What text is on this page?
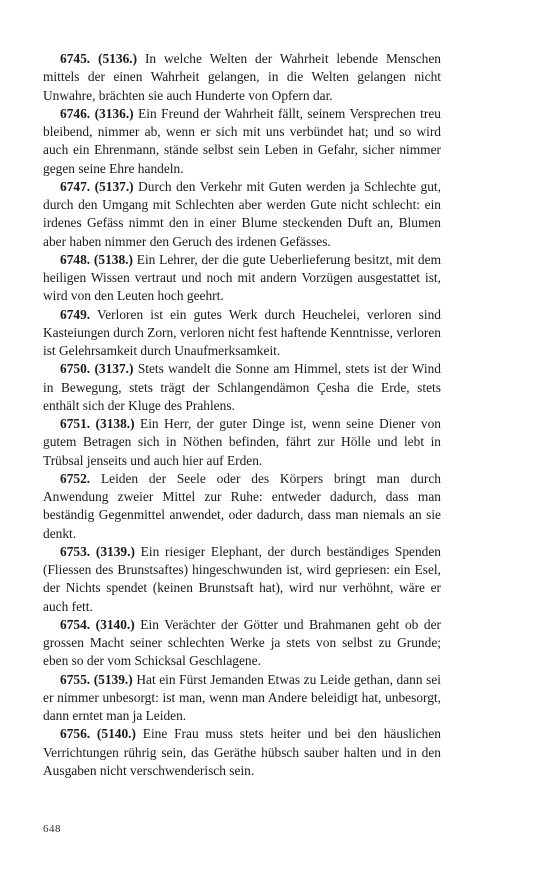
6745. (5136.) In welche Welten der Wahrheit lebende Menschen mittels der einen Wahrheit gelangen, in die Welten gelangen nicht Unwahre, brächten sie auch Hunderte von Opfern dar.

6746. (3136.) Ein Freund der Wahrheit fällt, seinem Versprechen treu bleibend, nimmer ab, wenn er sich mit uns verbündet hat; und so wird auch ein Ehrenmann, stände selbst sein Leben in Gefahr, sicher nimmer gegen seine Ehre handeln.

6747. (5137.) Durch den Verkehr mit Guten werden ja Schlechte gut, durch den Umgang mit Schlechten aber werden Gute nicht schlecht: ein irdenes Gefäss nimmt den in einer Blume steckenden Duft an, Blumen aber haben nimmer den Geruch des irdenen Gefässes.

6748. (5138.) Ein Lehrer, der die gute Ueberlieferung besitzt, mit dem heiligen Wissen vertraut und noch mit andern Vorzügen ausgestattet ist, wird von den Leuten hoch geehrt.

6749. Verloren ist ein gutes Werk durch Heuchelei, verloren sind Kasteiungen durch Zorn, verloren nicht fest haftende Kenntnisse, verloren ist Gelehrsamkeit durch Unaufmerksamkeit.

6750. (3137.) Stets wandelt die Sonne am Himmel, stets ist der Wind in Bewegung, stets trägt der Schlangendämon Çesha die Erde, stets enthält sich der Kluge des Prahlens.

6751. (3138.) Ein Herr, der guter Dinge ist, wenn seine Diener von gutem Betragen sich in Nöthen befinden, fährt zur Hölle und lebt in Trübsal jenseits und auch hier auf Erden.

6752. Leiden der Seele oder des Körpers bringt man durch Anwendung zweier Mittel zur Ruhe: entweder dadurch, dass man beständig Gegenmittel anwendet, oder dadurch, dass man niemals an sie denkt.

6753. (3139.) Ein riesiger Elephant, der durch beständiges Spenden (Fliessen des Brunstsaftes) hingeschwunden ist, wird gepriesen: ein Esel, der Nichts spendet (keinen Brunstsaft hat), wird nur verhöhnt, wäre er auch fett.

6754. (3140.) Ein Verächter der Götter und Brahmanen geht ob der grossen Macht seiner schlechten Werke ja stets von selbst zu Grunde; eben so der vom Schicksal Geschlagene.

6755. (5139.) Hat ein Fürst Jemanden Etwas zu Leide gethan, dann sei er nimmer unbesorgt: ist man, wenn man Andere beleidigt hat, unbesorgt, dann erntet man ja Leiden.

6756. (5140.) Eine Frau muss stets heiter und bei den häuslichen Verrichtungen rührig sein, das Geräthe hübsch sauber halten und in den Ausgaben nicht verschwenderisch sein.

648
